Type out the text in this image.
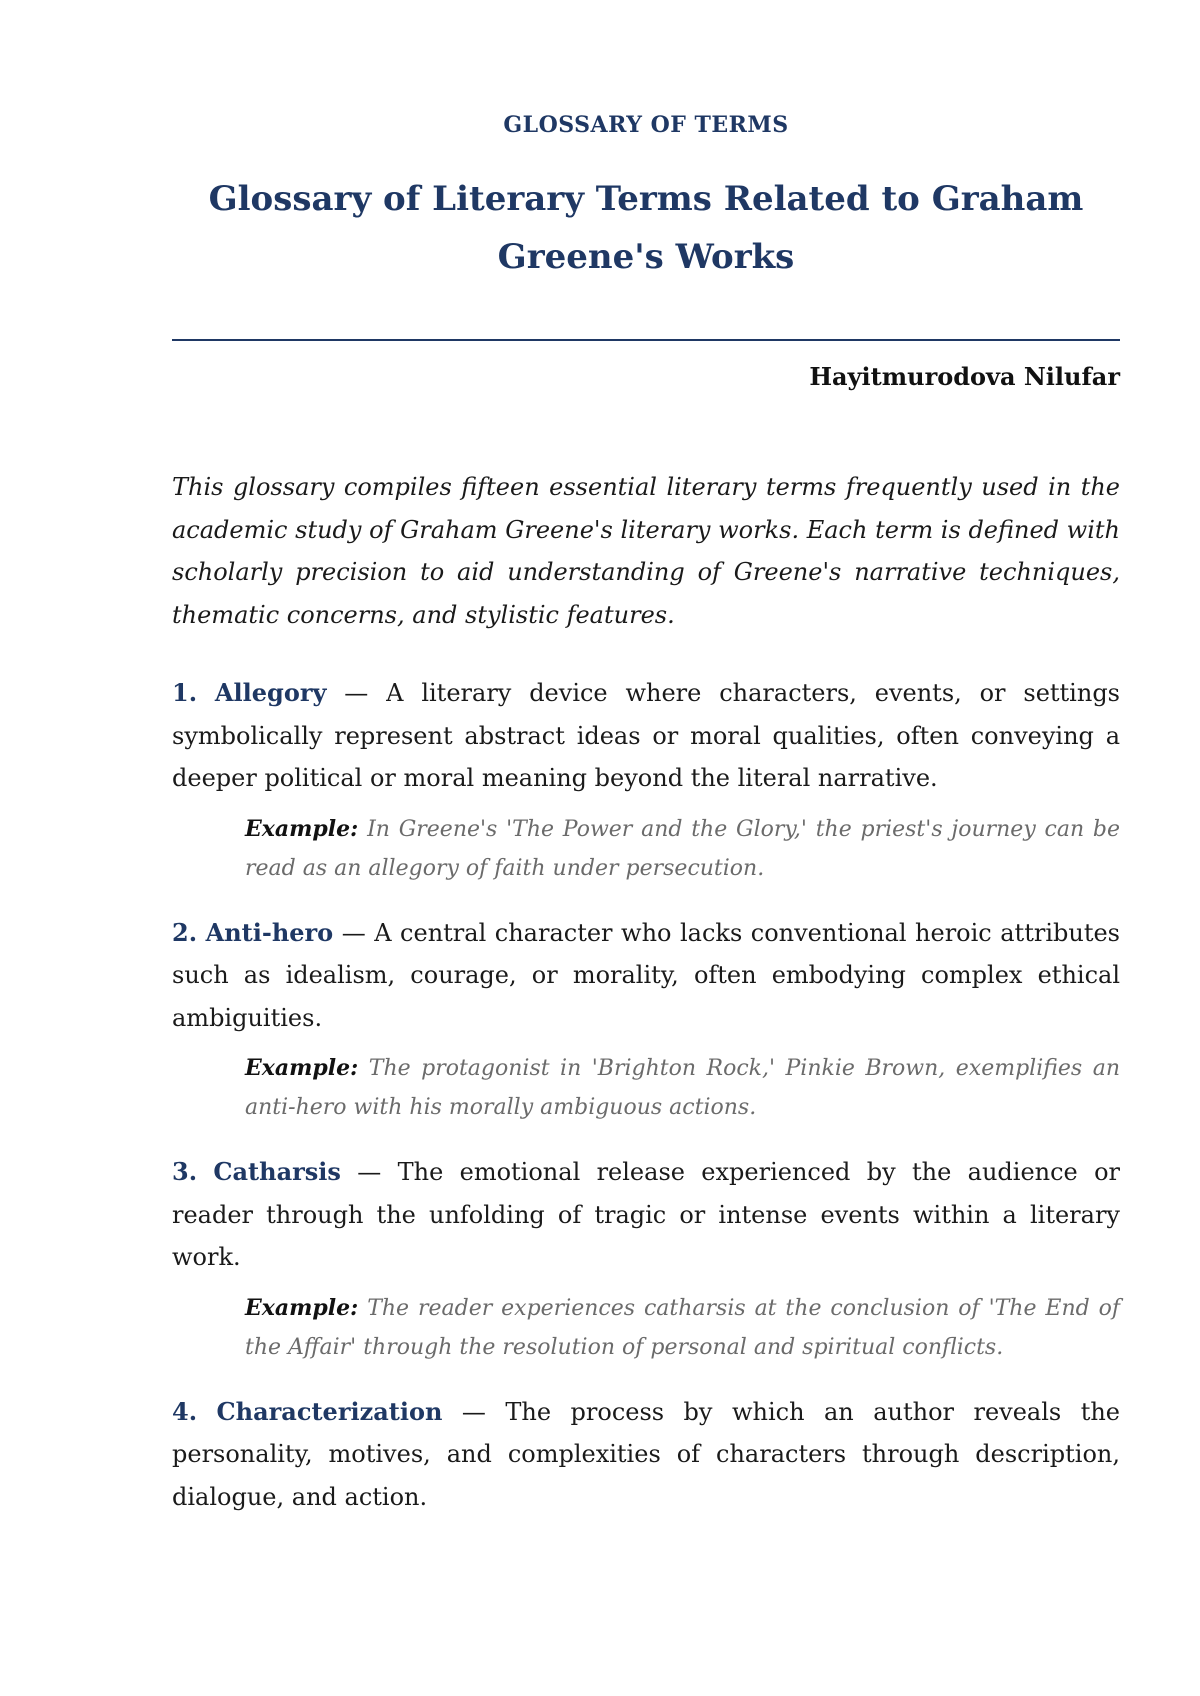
GLOSSARY OF TERMS
Glossary of Literary Terms Related to Graham Greene's Works
Hayitmurodova Nilufar

This glossary compiles fifteen essential literary terms frequently used in the academic study of Graham Greene's literary works. Each term is defined with scholarly precision to aid understanding of Greene's narrative techniques, thematic concerns, and stylistic features.

1. Allegory — A literary device where characters, events, or settings symbolically represent abstract ideas or moral qualities, often conveying a deeper political or moral meaning beyond the literal narrative.

Example: In Greene's 'The Power and the Glory,' the priest's journey can be read as an allegory of faith under persecution.

2. Anti-hero — A central character who lacks conventional heroic attributes such as idealism, courage, or morality, often embodying complex ethical ambiguities.

Example: The protagonist in 'Brighton Rock,' Pinkie Brown, exemplifies an anti-hero with his morally ambiguous actions.

3. Catharsis — The emotional release experienced by the audience or reader through the unfolding of tragic or intense events within a literary work.

Example: The reader experiences catharsis at the conclusion of 'The End of the Affair' through the resolution of personal and spiritual conflicts.

4. Characterization — The process by which an author reveals the personality, motives, and complexities of characters through description, dialogue, and action.
